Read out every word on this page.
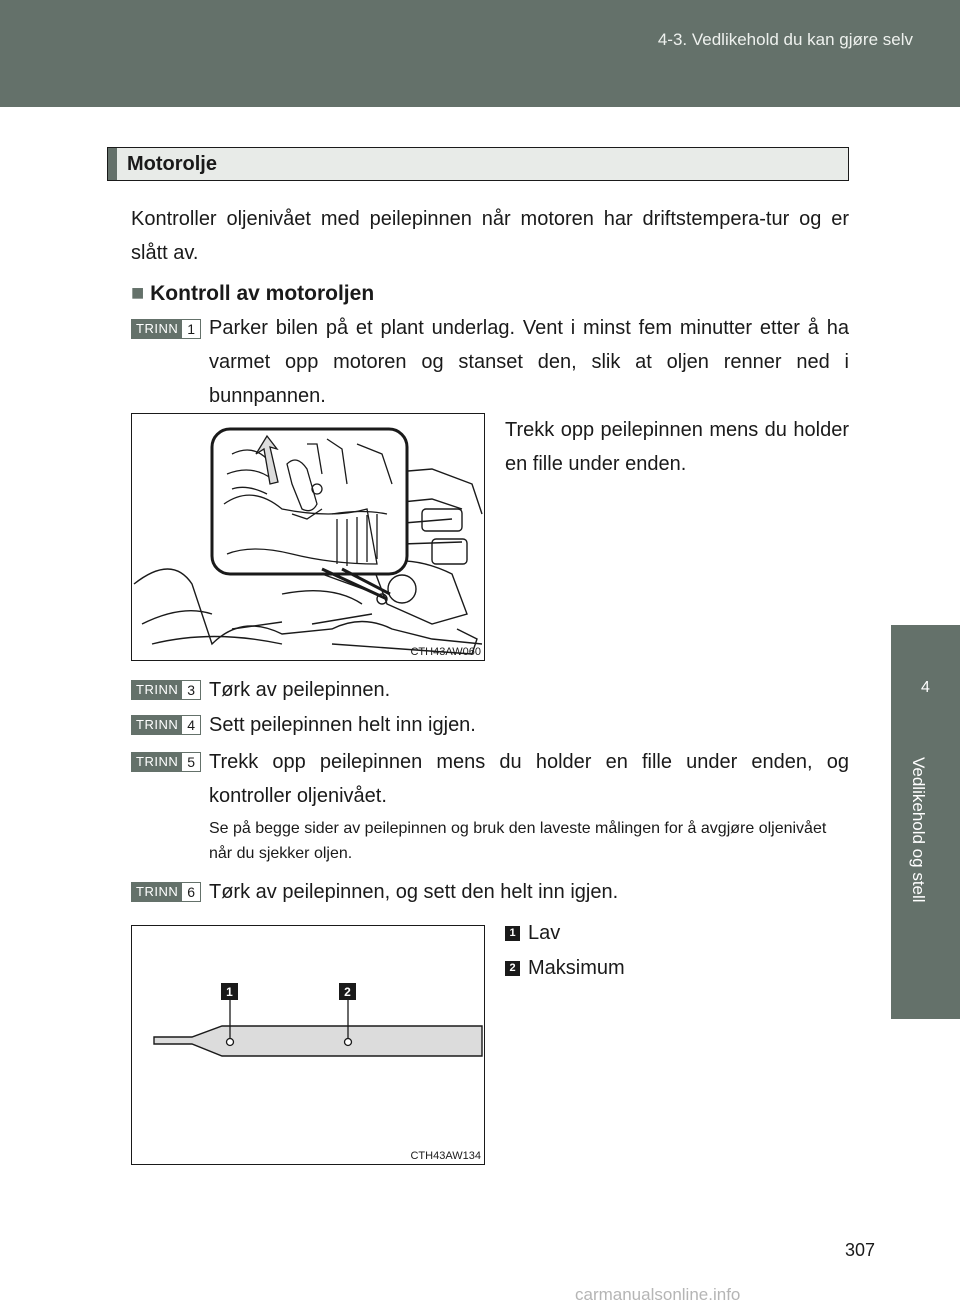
4-3. Vedlikehold du kan gjøre selv
4
Vedlikehold og stell
Motorolje
Kontroller oljenivået med peilepinnen når motoren har driftstempera-tur og er slått av.
■ Kontroll av motoroljen
TRINN 1 Parker bilen på et plant underlag. Vent i minst fem minutter etter å ha varmet opp motoren og stanset den, slik at oljen renner ned i bunnpannen.
Trekk opp peilepinnen mens du holder en fille under enden.
CTH43AW060
TRINN 3 Tørk av peilepinnen.
TRINN 4 Sett peilepinnen helt inn igjen.
TRINN 5 Trekk opp peilepinnen mens du holder en fille under enden, og kontroller oljenivået.
Se på begge sider av peilepinnen og bruk den laveste målingen for å avgjøre oljenivået når du sjekker oljen.
TRINN 6 Tørk av peilepinnen, og sett den helt inn igjen.
1	2
CTH43AW134
1 Lav
2 Maksimum
307
carmanualsonline.info
